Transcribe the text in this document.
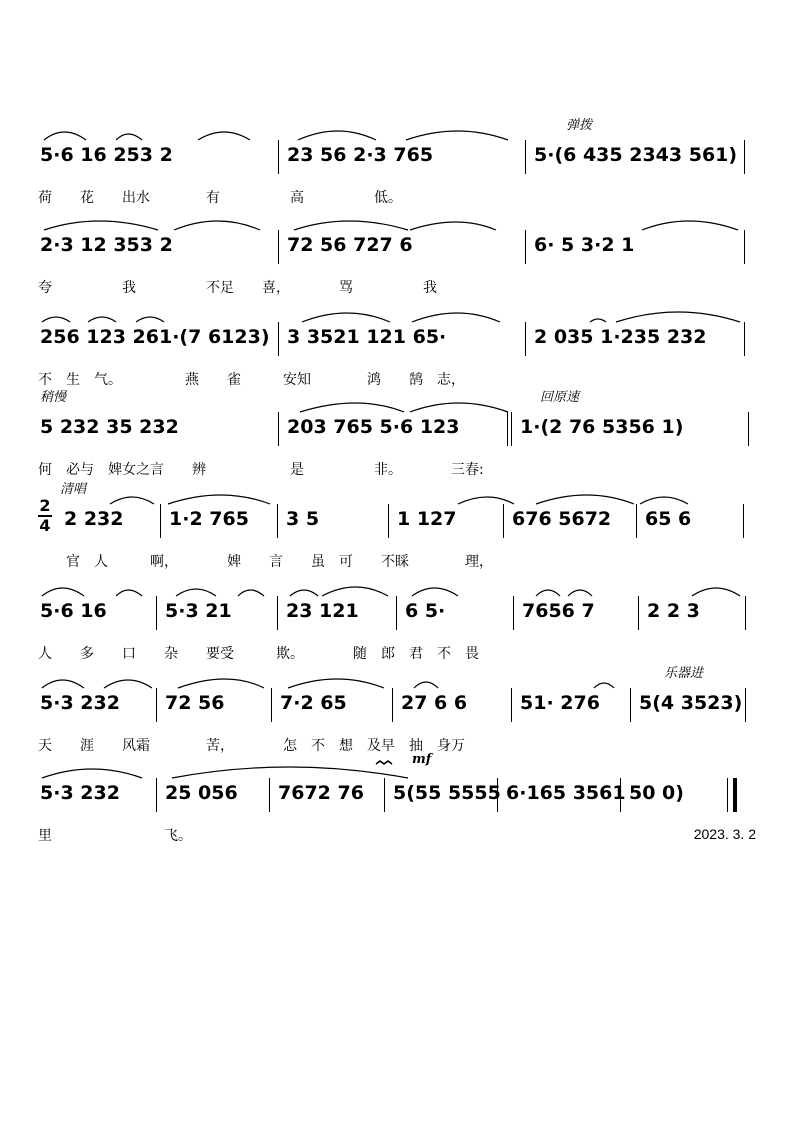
弹拨
5·6 16 253 2	23 56 2·3 765	5·(6 435 2343 561)
荷　　花　　出水　　　　有　　　　　高　　　　　低。
2·3 12 353 2	72 56 727 6	6· 5 3·2 1
夸　　　　　我　　　　　不足　　喜，　　　　骂　　　　　我
256 123 261·(7 6123) 3 3521 121 65·	2 035 1·235 232
不　生　气。　　　　　燕　　雀　　　安知　　　　鸿　　鹄　志，
稍慢	回原速
5 232 35 232	203 765 5·6 123	1·(2 76 5356 1)
何　必与　婢女之言　　辨　　　　　　是　　　　　非。　　　　三春:
清唱
2
4 2 232 1·2 765 3 5	1 127	676 5672 65 6
　　官　人　　　啊，　　　　婢　　言　　虽　可　　不睬　　　　理，
5·6 16	5·3 21	23 121 6 5·	7656 7	2 2 3
人　　多　　口　　杂　　要受　　　欺。　　　　随　郎　君　不　畏
乐器进
5·3 232 72 56	7·2 65	27 6 6	51· 276 5(4 3523)
天　　涯　　风霜　　　　苦，　　　　怎　不　想　及早　抽　身万
mf
5·3 232 25 056 7672 76 5(55 5555 6·165 3561 50 0)
里　　　　　　　　飞。	2023. 3. 2
